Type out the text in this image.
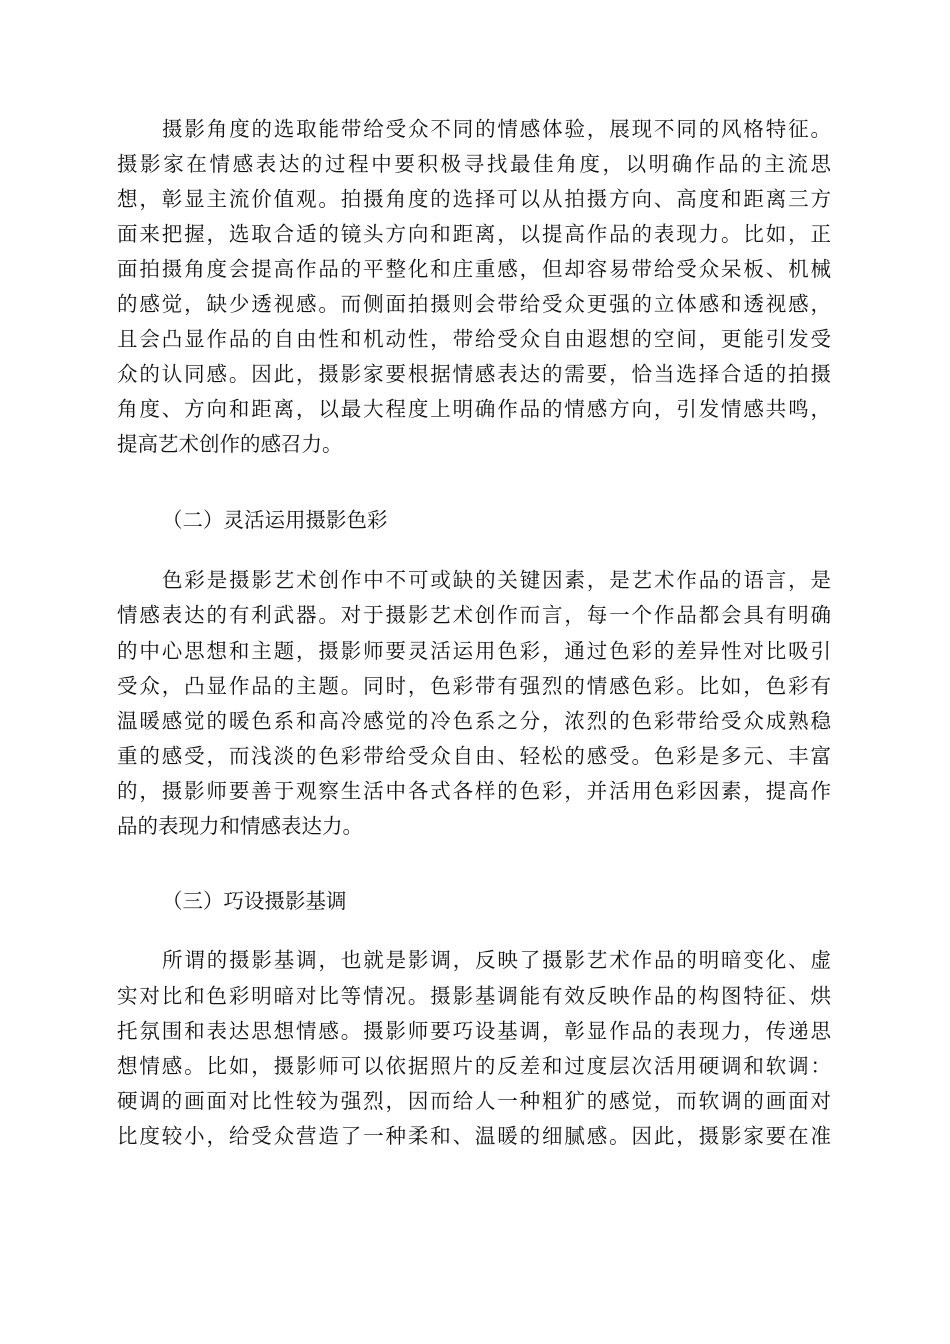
摄影角度的选取能带给受众不同的情感体验，展现不同的风格特征。
摄影家在情感表达的过程中要积极寻找最佳角度，以明确作品的主流思
想，彰显主流价值观。拍摄角度的选择可以从拍摄方向、高度和距离三方
面来把握，选取合适的镜头方向和距离，以提高作品的表现力。比如，正
面拍摄角度会提高作品的平整化和庄重感，但却容易带给受众呆板、机械
的感觉，缺少透视感。而侧面拍摄则会带给受众更强的立体感和透视感，
且会凸显作品的自由性和机动性，带给受众自由遐想的空间，更能引发受
众的认同感。因此，摄影家要根据情感表达的需要，恰当选择合适的拍摄
角度、方向和距离，以最大程度上明确作品的情感方向，引发情感共鸣，
提高艺术创作的感召力。
（二）灵活运用摄影色彩
色彩是摄影艺术创作中不可或缺的关键因素，是艺术作品的语言，是
情感表达的有利武器。对于摄影艺术创作而言，每一个作品都会具有明确
的中心思想和主题，摄影师要灵活运用色彩，通过色彩的差异性对比吸引
受众，凸显作品的主题。同时，色彩带有强烈的情感色彩。比如，色彩有
温暖感觉的暖色系和高冷感觉的冷色系之分，浓烈的色彩带给受众成熟稳
重的感受，而浅淡的色彩带给受众自由、轻松的感受。色彩是多元、丰富
的，摄影师要善于观察生活中各式各样的色彩，并活用色彩因素，提高作
品的表现力和情感表达力。
（三）巧设摄影基调
所谓的摄影基调，也就是影调，反映了摄影艺术作品的明暗变化、虚
实对比和色彩明暗对比等情况。摄影基调能有效反映作品的构图特征、烘
托氛围和表达思想情感。摄影师要巧设基调，彰显作品的表现力，传递思
想情感。比如，摄影师可以依据照片的反差和过度层次活用硬调和软调：
硬调的画面对比性较为强烈，因而给人一种粗犷的感觉，而软调的画面对
比度较小，给受众营造了一种柔和、温暖的细腻感。因此，摄影家要在准
